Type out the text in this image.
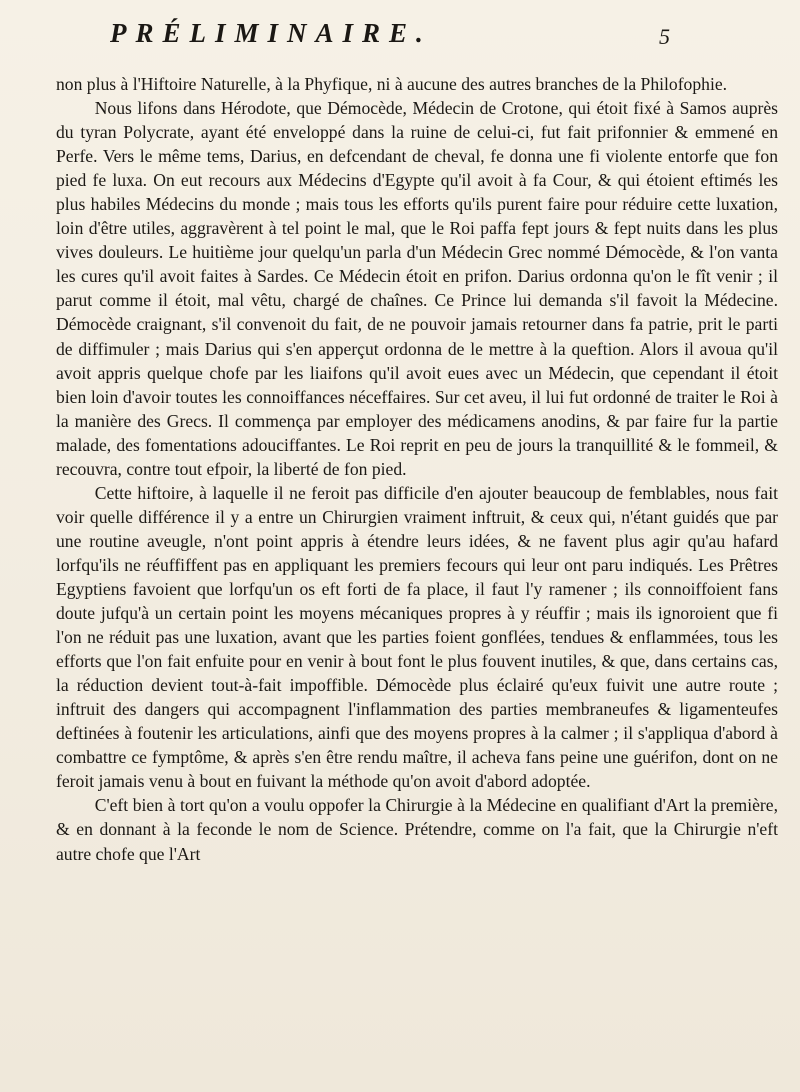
PRÉLIMINAIRE.	5

non plus à l'Hiftoire Naturelle, à la Phyfique, ni à aucune des autres branches de la Philofophie.

Nous lifons dans Hérodote, que Démocède, Médecin de Crotone, qui étoit fixé à Samos auprès du tyran Polycrate, ayant été enveloppé dans la ruine de celui-ci, fut fait prifonnier & emmené en Perfe. Vers le même tems, Darius, en defcendant de cheval, fe donna une fi violente entorfe que fon pied fe luxa. On eut recours aux Médecins d'Egypte qu'il avoit à fa Cour, & qui étoient eftimés les plus habiles Médecins du monde ; mais tous les efforts qu'ils purent faire pour réduire cette luxation, loin d'être utiles, aggravèrent à tel point le mal, que le Roi paffa fept jours & fept nuits dans les plus vives douleurs. Le huitième jour quelqu'un parla d'un Médecin Grec nommé Démocède, & l'on vanta les cures qu'il avoit faites à Sardes. Ce Médecin étoit en prifon. Darius ordonna qu'on le fît venir ; il parut comme il étoit, mal vêtu, chargé de chaînes. Ce Prince lui demanda s'il favoit la Médecine. Démocède craignant, s'il convenoit du fait, de ne pouvoir jamais retourner dans fa patrie, prit le parti de diffimuler ; mais Darius qui s'en apperçut ordonna de le mettre à la queftion. Alors il avoua qu'il avoit appris quelque chofe par les liaifons qu'il avoit eues avec un Médecin, que cependant il étoit bien loin d'avoir toutes les connoiffances néceffaires. Sur cet aveu, il lui fut ordonné de traiter le Roi à la manière des Grecs. Il commença par employer des médicamens anodins, & par faire fur la partie malade, des fomentations adouciffantes. Le Roi reprit en peu de jours la tranquillité & le fommeil, & recouvra, contre tout efpoir, la liberté de fon pied.

Cette hiftoire, à laquelle il ne feroit pas difficile d'en ajouter beaucoup de femblables, nous fait voir quelle différence il y a entre un Chirurgien vraiment inftruit, & ceux qui, n'étant guidés que par une routine aveugle, n'ont point appris à étendre leurs idées, & ne favent plus agir qu'au hafard lorfqu'ils ne réuffiffent pas en appliquant les premiers fecours qui leur ont paru indiqués. Les Prêtres Egyptiens favoient que lorfqu'un os eft forti de fa place, il faut l'y ramener ; ils connoiffoient fans doute jufqu'à un certain point les moyens mécaniques propres à y réuffir ; mais ils ignoroient que fi l'on ne réduit pas une luxation, avant que les parties foient gonflées, tendues & enflammées, tous les efforts que l'on fait enfuite pour en venir à bout font le plus fouvent inutiles, & que, dans certains cas, la réduction devient tout-à-fait impoffible. Démocède plus éclairé qu'eux fuivit une autre route ; inftruit des dangers qui accompagnent l'inflammation des parties membraneufes & ligamenteufes deftinées à foutenir les articulations, ainfi que des moyens propres à la calmer ; il s'appliqua d'abord à combattre ce fymptôme, & après s'en être rendu maître, il acheva fans peine une guérifon, dont on ne feroit jamais venu à bout en fuivant la méthode qu'on avoit d'abord adoptée.

C'eft bien à tort qu'on a voulu oppofer la Chirurgie à la Médecine en qualifiant d'Art la première, & en donnant à la feconde le nom de Science. Prétendre, comme on l'a fait, que la Chirurgie n'eft autre chofe que l'Art
